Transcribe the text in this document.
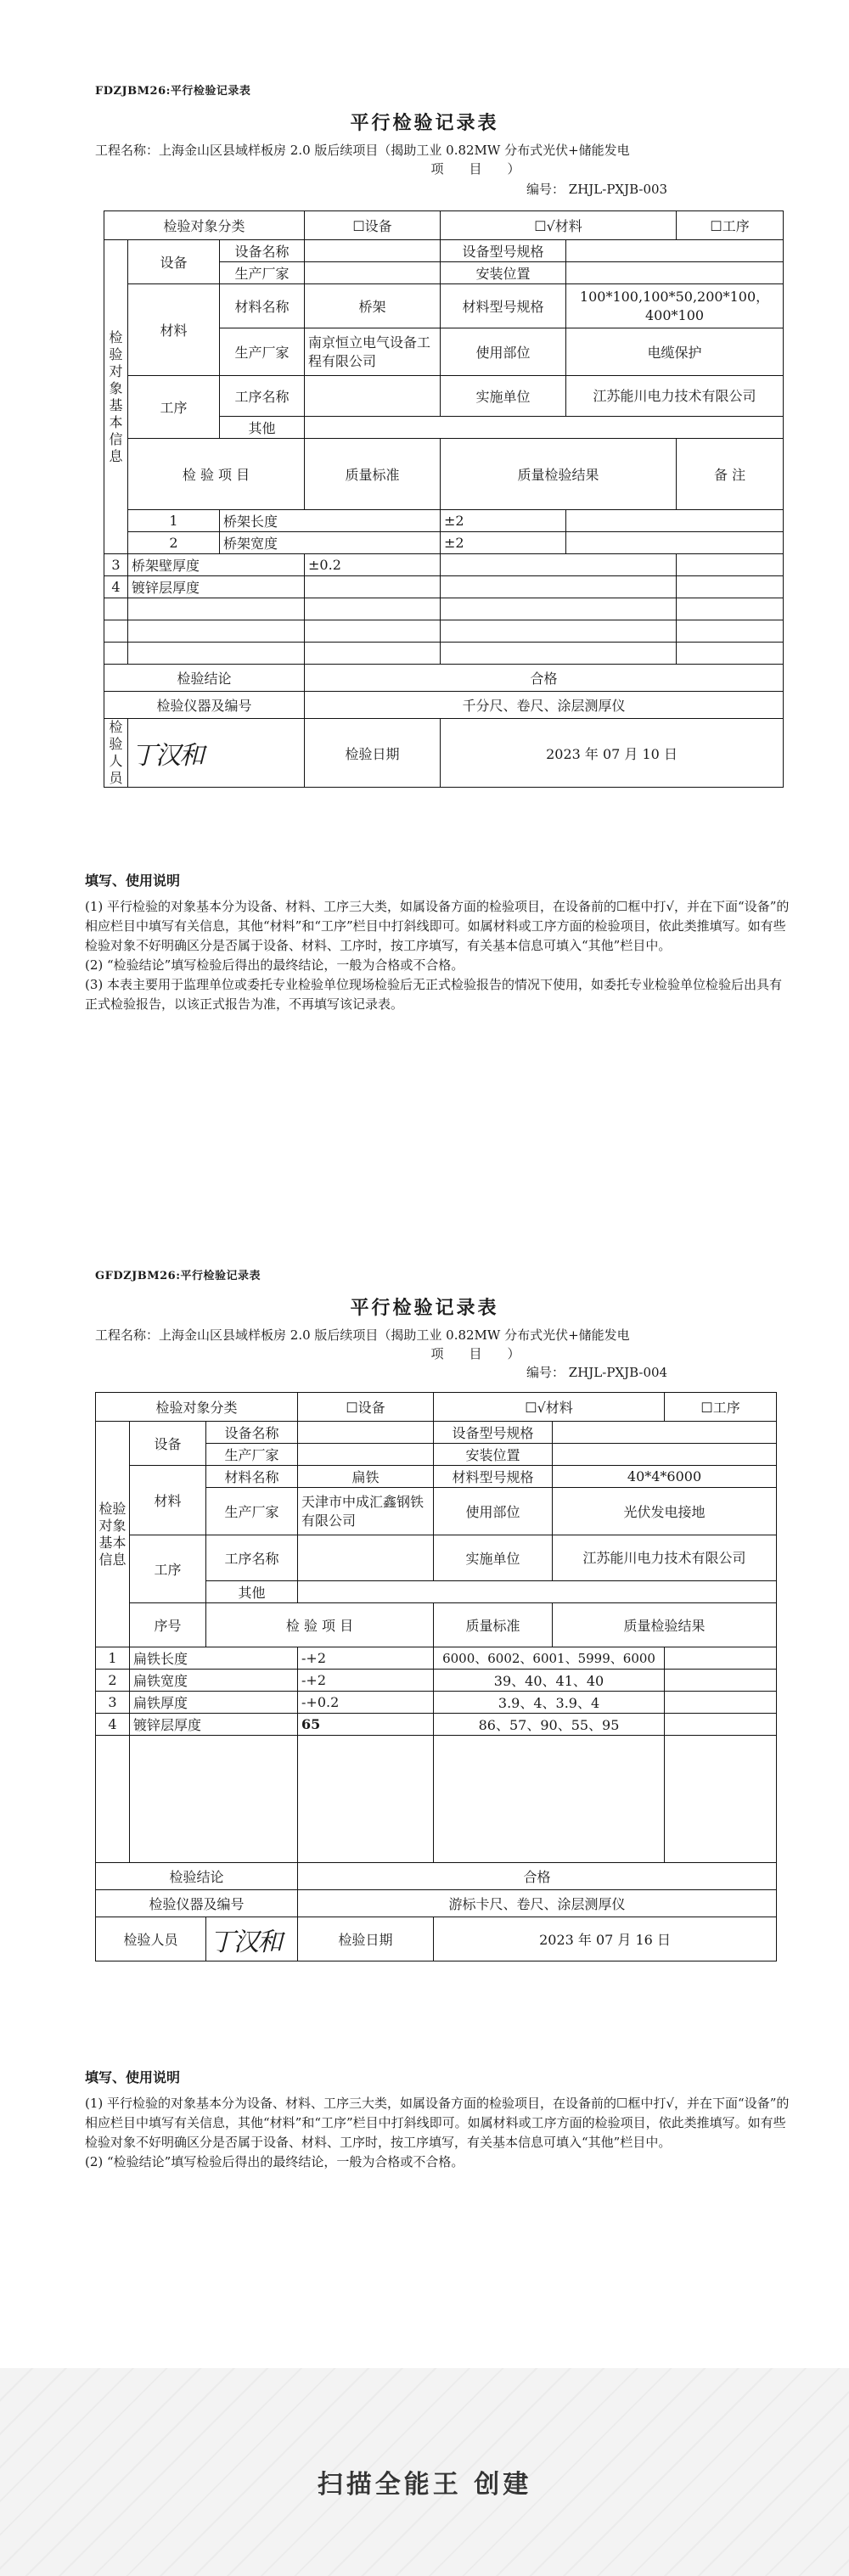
FDZJBM26:平行检验记录表
平行检验记录表
工程名称：上海金山区县域样板房 2.0 版后续项目（揭助工业 0.82MW 分布式光伏+储能发电
项　　目　　）
编号： ZHJL-PXJB-003
检验对象分类			☐设备	☐√材料		☐工序	
检验对象基本信息	设备	设备名称		设备型号规格			
		生产厂家		安装位置			
	材料	材料名称	桥架	材料型号规格	100*100,100*50,200*100，400*100		
		生产厂家	南京恒立电气设备工程有限公司	使用部位	电缆保护		
	工序	工序名称		实施单位	江苏能川电力技术有限公司		
		其他					
	检 验 项 目		质量标准	质量检验结果		备 注	
	1	桥架长度		±2			
	2	桥架宽度		±2			
3	桥架壁厚度		±0.2				
4	镀锌层厚度						

检验结论			合格				
检验仪器及编号			千分尺、卷尺、涂层测厚仪				
检验人员	丁汉和		检验日期	2023 年 07 月 10 日			
填写、使用说明

(1) 平行检验的对象基本分为设备、材料、工序三大类，如属设备方面的检验项目，在设备前的☐框中打√，并在下面“设备”的相应栏目中填写有关信息，其他“材料”和“工序”栏目中打斜线即可。如属材料或工序方面的检验项目，依此类推填写。如有些检验对象不好明确区分是否属于设备、材料、工序时，按工序填写，有关基本信息可填入“其他”栏目中。

(2) “检验结论”填写检验后得出的最终结论，一般为合格或不合格。

(3) 本表主要用于监理单位或委托专业检验单位现场检验后无正式检验报告的情况下使用，如委托专业检验单位检验后出具有正式检验报告，以该正式报告为准，不再填写该记录表。

GFDZJBM26:平行检验记录表
平行检验记录表
工程名称：上海金山区县域样板房 2.0 版后续项目（揭助工业 0.82MW 分布式光伏+储能发电
项　　目　　）
编号： ZHJL-PXJB-004
检验对象分类			☐设备	☐√材料		☐工序	
检验对象基本信息	设备	设备名称		设备型号规格			
		生产厂家		安装位置			
	材料	材料名称	扁铁	材料型号规格	40*4*6000		
		生产厂家	天津市中成汇鑫钢铁有限公司	使用部位	光伏发电接地		
	工序	工序名称		实施单位	江苏能川电力技术有限公司		
		其他					
	序号	检 验 项 目		质量标准	质量检验结果	
1	扁铁长度		-+2	6000、6002、6001、5999、6000			
2	扁铁宽度		-+2	39、40、41、40			
3	扁铁厚度		-+0.2	3.9、4、3.9、4			
4	镀锌层厚度		65	86、57、90、55、95			

检验结论			合格				
检验仪器及编号			游标卡尺、卷尺、涂层测厚仪				
检验人员		丁汉和	检验日期	2023 年 07 月 16 日			
填写、使用说明

(1) 平行检验的对象基本分为设备、材料、工序三大类，如属设备方面的检验项目，在设备前的☐框中打√，并在下面“设备”的相应栏目中填写有关信息，其他“材料”和“工序”栏目中打斜线即可。如属材料或工序方面的检验项目，依此类推填写。如有些检验对象不好明确区分是否属于设备、材料、工序时，按工序填写，有关基本信息可填入“其他”栏目中。

(2) “检验结论”填写检验后得出的最终结论，一般为合格或不合格。

扫描全能王 创建
